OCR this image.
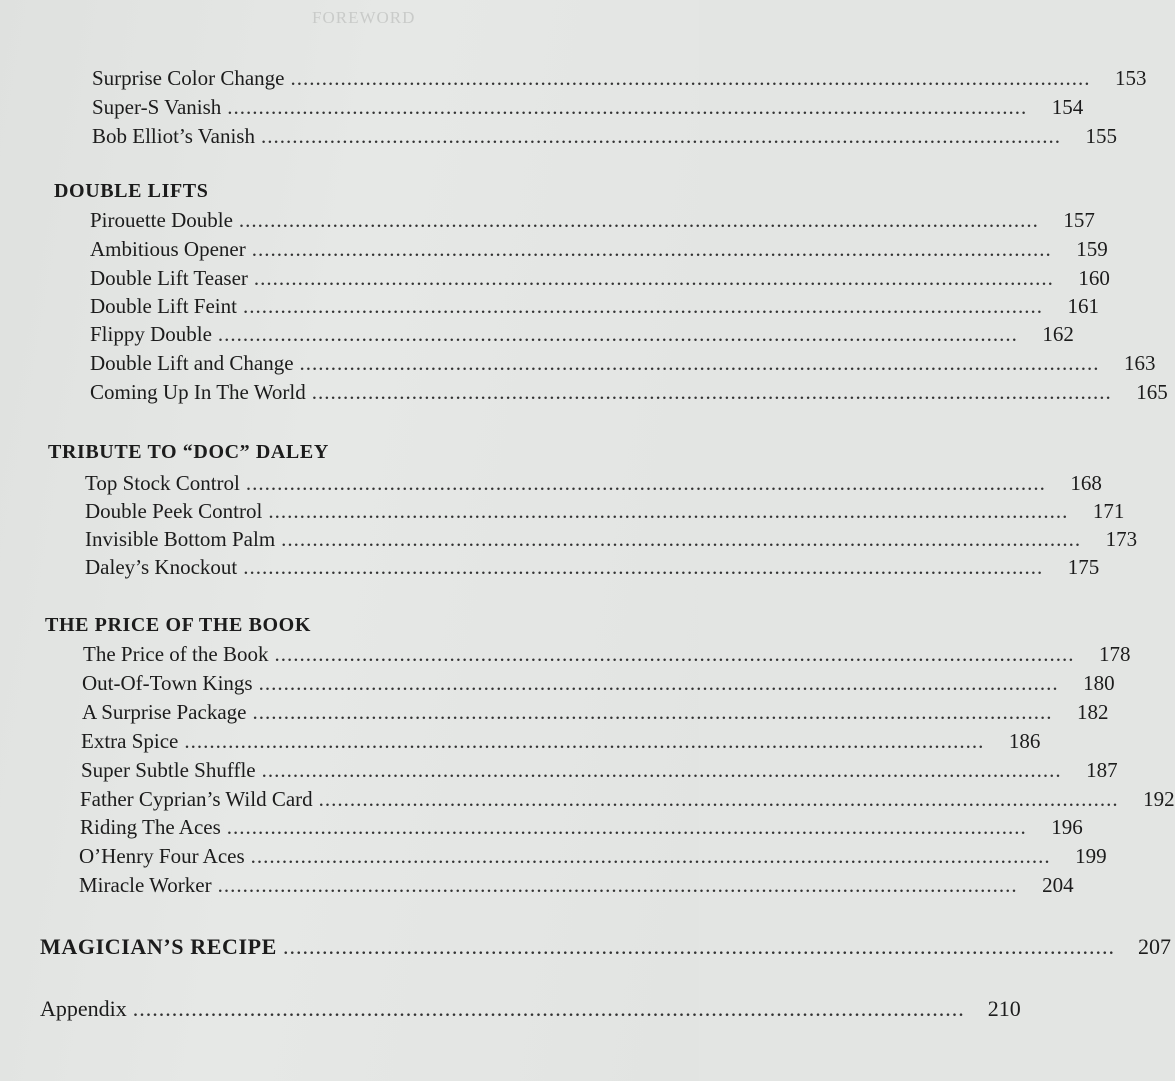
FOREWORD
Surprise Color Change ................................................................................................................................	153
Super-S Vanish ................................................................................................................................	154
Bob Elliot’s Vanish ................................................................................................................................	155
DOUBLE LIFTS
Pirouette Double ................................................................................................................................	157
Ambitious Opener ................................................................................................................................	159
Double Lift Teaser ................................................................................................................................	160
Double Lift Feint ................................................................................................................................	161
Flippy Double ................................................................................................................................	162
Double Lift and Change ................................................................................................................................	163
Coming Up In The World ................................................................................................................................	165
TRIBUTE TO “DOC” DALEY
Top Stock Control ................................................................................................................................	168
Double Peek Control ................................................................................................................................	171
Invisible Bottom Palm ................................................................................................................................	173
Daley’s Knockout ................................................................................................................................	175
THE PRICE OF THE BOOK
The Price of the Book ................................................................................................................................	178
Out-Of-Town Kings ................................................................................................................................	180
A Surprise Package ................................................................................................................................	182
Extra Spice ................................................................................................................................	186
Super Subtle Shuffle ................................................................................................................................	187
Father Cyprian’s Wild Card ................................................................................................................................	192
Riding The Aces ................................................................................................................................	196
O’Henry Four Aces ................................................................................................................................	199
Miracle Worker ................................................................................................................................	204
MAGICIAN’S RECIPE ................................................................................................................................	207
Appendix ................................................................................................................................	210
